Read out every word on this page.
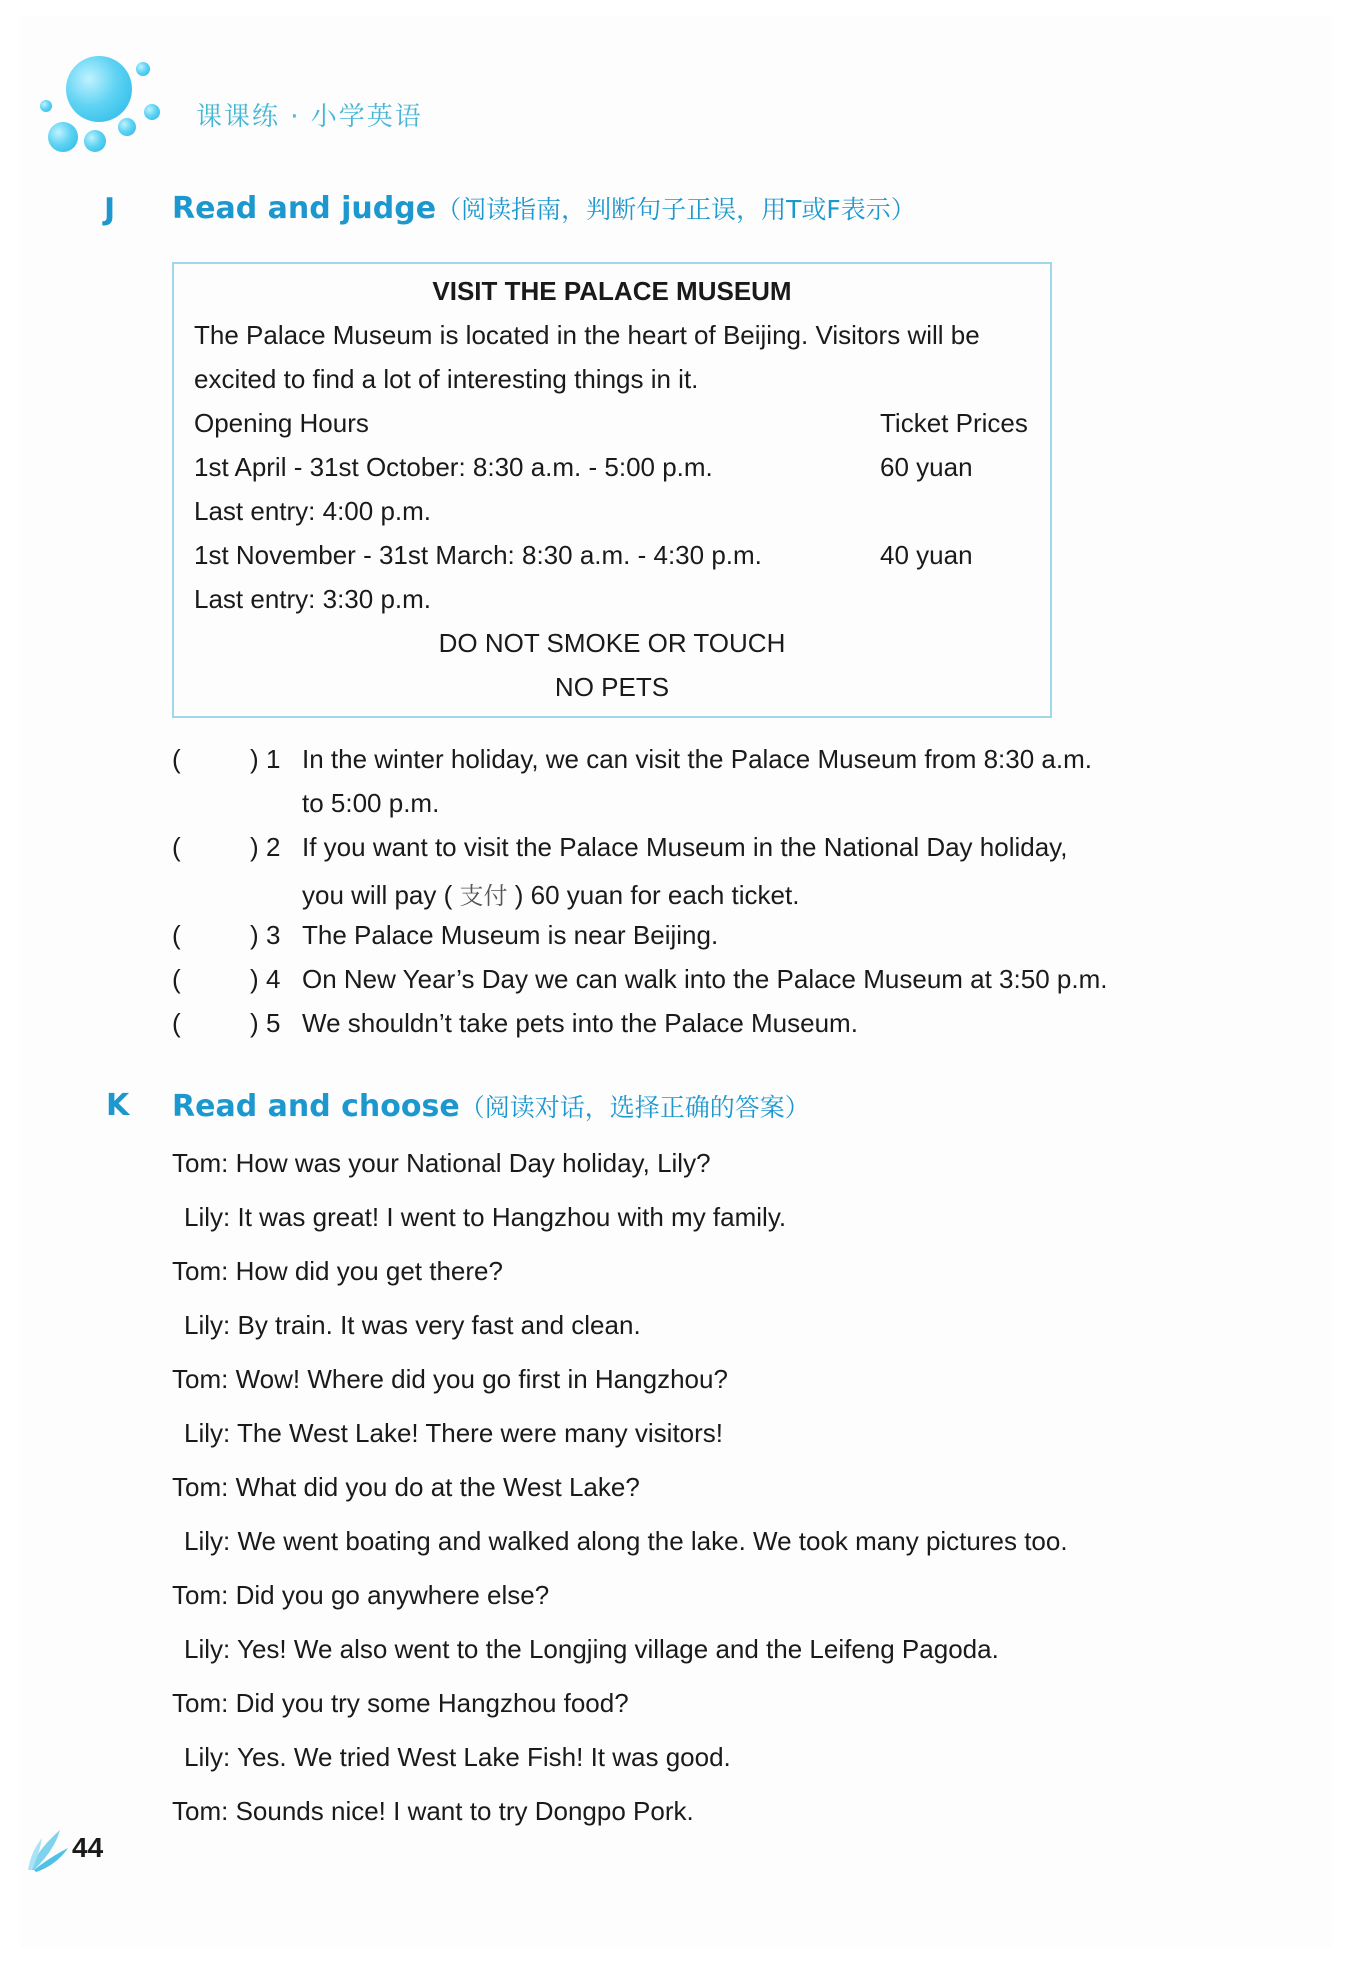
课课练 · 小学英语
J Read and judge（阅读指南，判断句子正误，用T或F表示）
VISIT THE PALACE MUSEUM
The Palace Museum is located in the heart of Beijing. Visitors will be
excited to find a lot of interesting things in it.
Opening Hours	Ticket Prices
1st April - 31st October: 8:30 a.m. - 5:00 p.m.	60 yuan
Last entry: 4:00 p.m.
1st November - 31st March: 8:30 a.m. - 4:30 p.m.	40 yuan
Last entry: 3:30 p.m.
DO NOT SMOKE OR TOUCH
NO PETS
(	) 1 In the winter holiday, we can visit the Palace Museum from 8:30 a.m.
to 5:00 p.m.
(	) 2 If you want to visit the Palace Museum in the National Day holiday,
you will pay ( 支付 ) 60 yuan for each ticket.
(	) 3 The Palace Museum is near Beijing.
(	) 4 On New Year’s Day we can walk into the Palace Museum at 3:50 p.m.
(	) 5 We shouldn’t take pets into the Palace Museum.
K Read and choose（阅读对话，选择正确的答案）
Tom: How was your National Day holiday, Lily?
Lily: It was great! I went to Hangzhou with my family.
Tom: How did you get there?
Lily: By train. It was very fast and clean.
Tom: Wow! Where did you go first in Hangzhou?
Lily: The West Lake! There were many visitors!
Tom: What did you do at the West Lake?
Lily: We went boating and walked along the lake. We took many pictures too.
Tom: Did you go anywhere else?
Lily: Yes! We also went to the Longjing village and the Leifeng Pagoda.
Tom: Did you try some Hangzhou food?
Lily: Yes. We tried West Lake Fish! It was good.
Tom: Sounds nice! I want to try Dongpo Pork.
44
